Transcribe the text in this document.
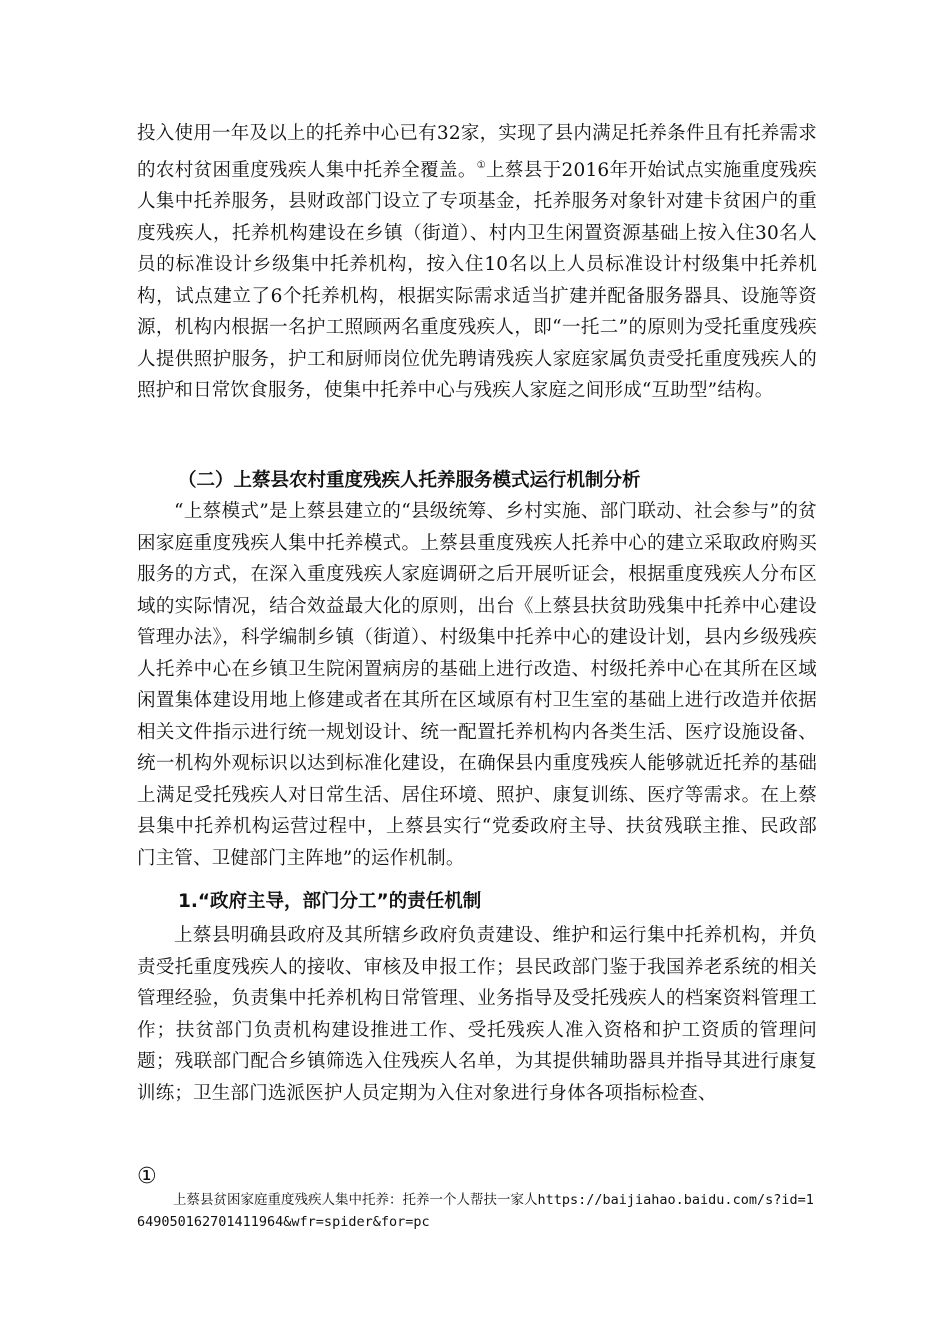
投入使用一年及以上的托养中心已有32家，实现了县内满足托养条件且有托养需求的农村贫困重度残疾人集中托养全覆盖。①上蔡县于2016年开始试点实施重度残疾人集中托养服务，县财政部门设立了专项基金，托养服务对象针对建卡贫困户的重度残疾人，托养机构建设在乡镇（街道）、村内卫生闲置资源基础上按入住30名人员的标准设计乡级集中托养机构，按入住10名以上人员标准设计村级集中托养机构，试点建立了6个托养机构，根据实际需求适当扩建并配备服务器具、设施等资源，机构内根据一名护工照顾两名重度残疾人，即“一托二”的原则为受托重度残疾人提供照护服务，护工和厨师岗位优先聘请残疾人家庭家属负责受托重度残疾人的照护和日常饮食服务，使集中托养中心与残疾人家庭之间形成“互助型”结构。

（二）上蔡县农村重度残疾人托养服务模式运行机制分析

“上蔡模式”是上蔡县建立的“县级统筹、乡村实施、部门联动、社会参与”的贫困家庭重度残疾人集中托养模式。上蔡县重度残疾人托养中心的建立采取政府购买服务的方式，在深入重度残疾人家庭调研之后开展听证会，根据重度残疾人分布区域的实际情况，结合效益最大化的原则，出台《上蔡县扶贫助残集中托养中心建设管理办法》，科学编制乡镇（街道）、村级集中托养中心的建设计划，县内乡级残疾人托养中心在乡镇卫生院闲置病房的基础上进行改造、村级托养中心在其所在区域闲置集体建设用地上修建或者在其所在区域原有村卫生室的基础上进行改造并依据相关文件指示进行统一规划设计、统一配置托养机构内各类生活、医疗设施设备、统一机构外观标识以达到标准化建设，在确保县内重度残疾人能够就近托养的基础上满足受托残疾人对日常生活、居住环境、照护、康复训练、医疗等需求。在上蔡县集中托养机构运营过程中，上蔡县实行“党委政府主导、扶贫残联主推、民政部门主管、卫健部门主阵地”的运作机制。

1.“政府主导，部门分工”的责任机制

上蔡县明确县政府及其所辖乡政府负责建设、维护和运行集中托养机构，并负责受托重度残疾人的接收、审核及申报工作；县民政部门鉴于我国养老系统的相关管理经验，负责集中托养机构日常管理、业务指导及受托残疾人的档案资料管理工作；扶贫部门负责机构建设推进工作、受托残疾人准入资格和护工资质的管理问题；残联部门配合乡镇筛选入住残疾人名单，为其提供辅助器具并指导其进行康复训练；卫生部门选派医护人员定期为入住对象进行身体各项指标检查、

①

上蔡县贫困家庭重度残疾人集中托养：托养一个人帮扶一家人https://baijiahao.baidu.com/s?id=1649050162701411964&wfr=spider&for=pc
